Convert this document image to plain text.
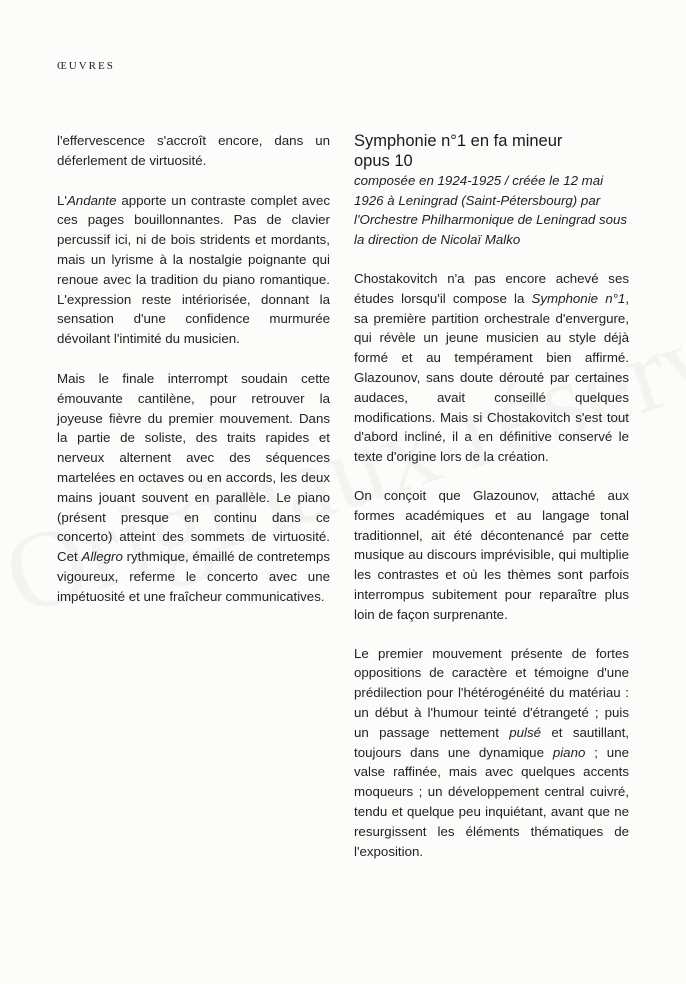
ŒUVRES

l'effervescence s'accroît encore, dans un déferlement de virtuosité.

L'Andante apporte un contraste complet avec ces pages bouillonnantes. Pas de clavier percussif ici, ni de bois stridents et mordants, mais un lyrisme à la nostalgie poignante qui renoue avec la tradition du piano romantique. L'expression reste intériorisée, donnant la sensation d'une confidence murmurée dévoilant l'intimité du musicien.

Mais le finale interrompt soudain cette émouvante cantilène, pour retrouver la joyeuse fièvre du premier mouvement. Dans la partie de soliste, des traits rapides et nerveux alternent avec des séquences martelées en octaves ou en accords, les deux mains jouant souvent en parallèle. Le piano (présent presque en continu dans ce concerto) atteint des sommets de virtuosité. Cet Allegro rythmique, émaillé de contretemps vigoureux, referme le concerto avec une impétuosité et une fraîcheur communicatives.

Symphonie n°1 en fa mineur
opus 10

composée en 1924-1925 / créée le 12 mai 1926 à Leningrad (Saint-Pétersbourg) par l'Orchestre Philharmonique de Leningrad sous la direction de Nicolaï Malko

Chostakovitch n'a pas encore achevé ses études lorsqu'il compose la Symphonie n°1, sa première partition orchestrale d'envergure, qui révèle un jeune musicien au style déjà formé et au tempérament bien affirmé. Glazounov, sans doute dérouté par certaines audaces, avait conseillé quelques modifications. Mais si Chostakovitch s'est tout d'abord incliné, il a en définitive conservé le texte d'origine lors de la création.

On conçoit que Glazounov, attaché aux formes académiques et au langage tonal traditionnel, ait été décontenancé par cette musique au discours imprévisible, qui multiplie les contrastes et où les thèmes sont parfois interrompus subitement pour reparaître plus loin de façon surprenante.

Le premier mouvement présente de fortes oppositions de caractère et témoigne d'une prédilection pour l'hétérogénéité du matériau : un début à l'humour teinté d'étrangeté ; puis un passage nettement pulsé et sautillant, toujours dans une dynamique piano ; une valse raffinée, mais avec quelques accents moqueurs ; un développement central cuivré, tendu et quelque peu inquiétant, avant que ne resurgissent les éléments thématiques de l'exposition.
